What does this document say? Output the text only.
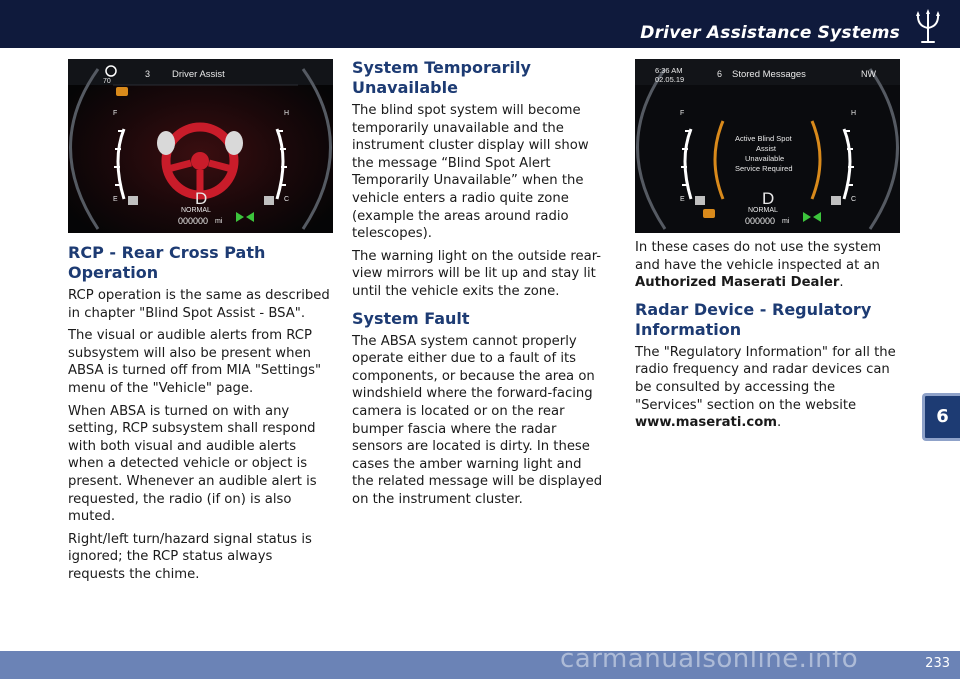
Driver Assistance Systems
70
3 Driver Assist
F
E
H
C
D
NORMAL
000000 mi
6:36 AM
02.05.19
6 Stored Messages	NW
Active Blind Spot
Assist
Unavailable
Service Required
F
E
H
C
D
NORMAL
000000 mi
RCP - Rear Cross Path Operation

RCP operation is the same as described in chapter "Blind Spot Assist - BSA".

The visual or audible alerts from RCP subsystem will also be present when ABSA is turned off from MIA "Settings" menu of the "Vehicle" page.

When ABSA is turned on with any setting, RCP subsystem shall respond with both visual and audible alerts when a detected vehicle or object is present. Whenever an audible alert is requested, the radio (if on) is also muted.

Right/left turn/hazard signal status is ignored; the RCP status always requests the chime.

System Temporarily Unavailable

The blind spot system will become temporarily unavailable and the instrument cluster display will show the message “Blind Spot Alert Temporarily Unavailable” when the vehicle enters a radio quite zone (example the areas around radio telescopes).

The warning light on the outside rear-view mirrors will be lit up and stay lit until the vehicle exits the zone.

System Fault

The ABSA system cannot properly operate either due to a fault of its components, or because the area on windshield where the forward-facing camera is located or on the rear bumper fascia where the radar sensors are located is dirty. In these cases the amber warning light and the related message will be displayed on the instrument cluster.

In these cases do not use the system and have the vehicle inspected at an Authorized Maserati Dealer.

Radar Device - Regulatory Information

The "Regulatory Information" for all the radio frequency and radar devices can be consulted by accessing the "Services" section on the website www.maserati.com.	6
carmanualsonline.info	233
